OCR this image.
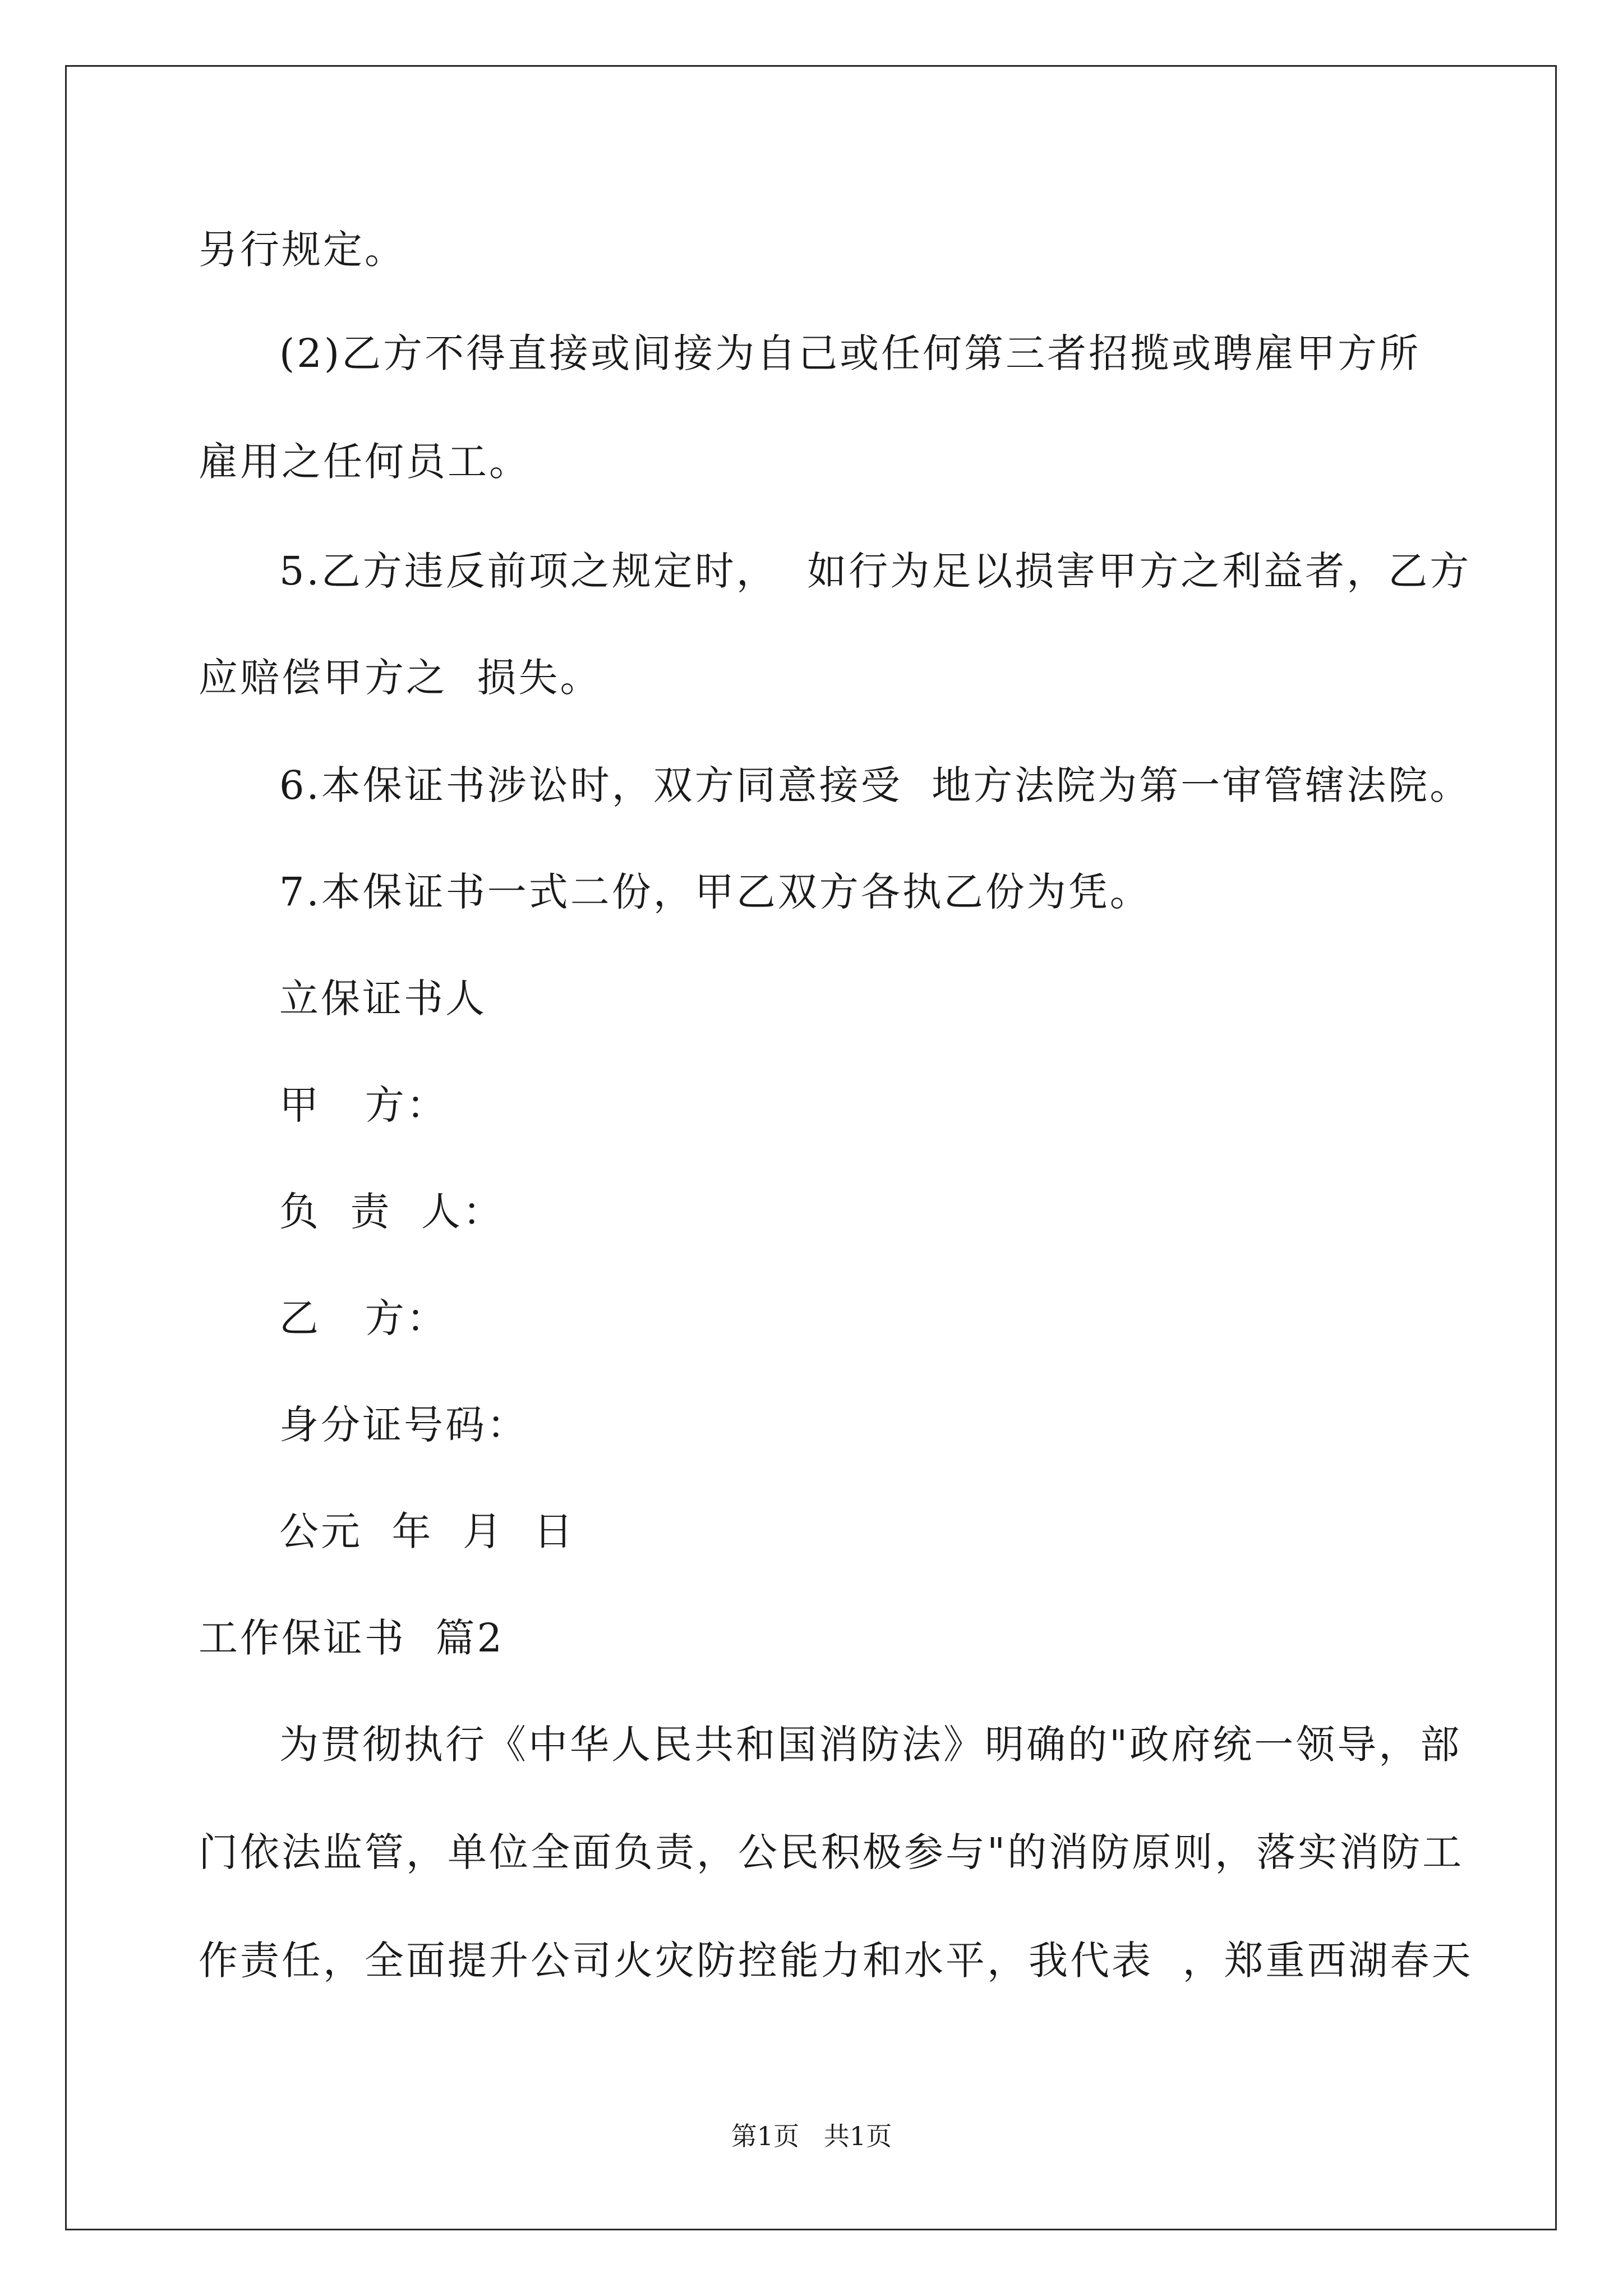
另行规定。
(2)乙方不得直接或间接为自己或任何第三者招揽或聘雇甲方所
雇用之任何员工。
5.乙方违反前项之规定时，  如行为足以损害甲方之利益者，乙方
应赔偿甲方之  损失。
6.本保证书涉讼时，双方同意接受  地方法院为第一审管辖法院。
7.本保证书一式二份，甲乙双方各执乙份为凭。
立保证书人
甲   方：
负  责  人：
乙   方：
身分证号码：
公元  年  月  日
工作保证书  篇2
为贯彻执行《中华人民共和国消防法》明确的"政府统一领导，部
门依法监管，单位全面负责，公民积极参与"的消防原则，落实消防工
作责任，全面提升公司火灾防控能力和水平，我代表  ，郑重西湖春天
第1页   共1页
